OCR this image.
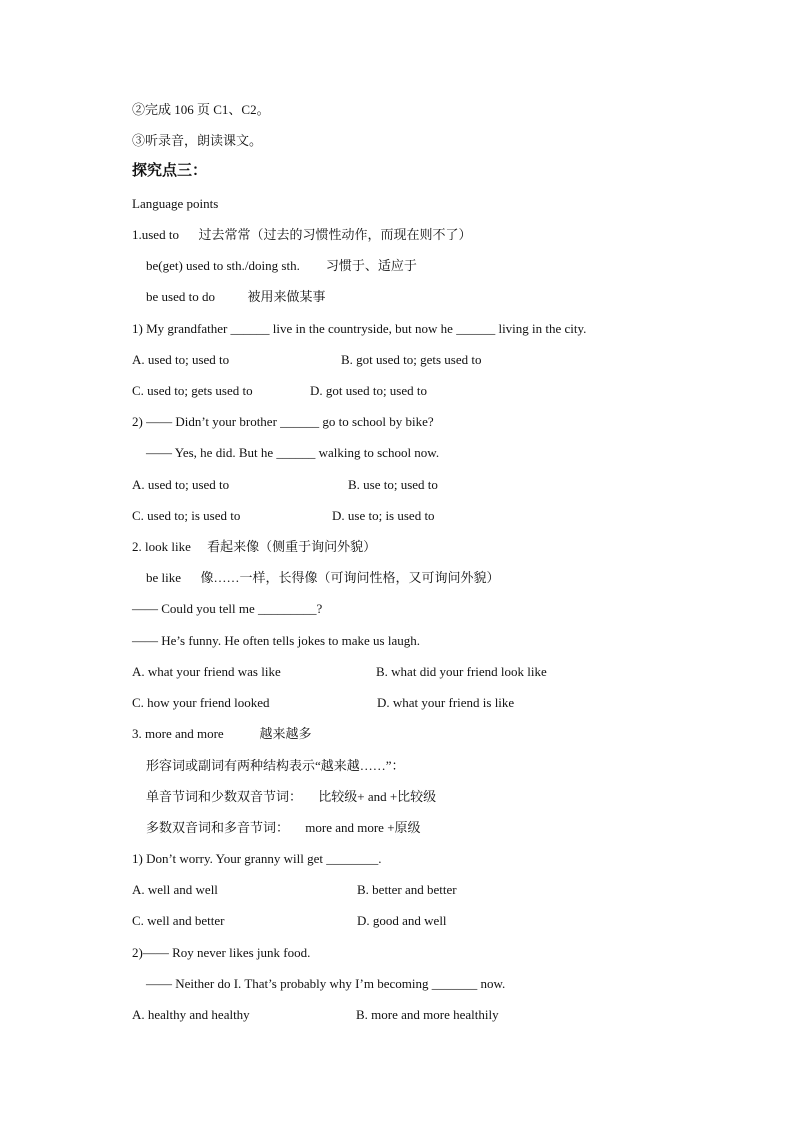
②完成 106 页 C1、C2。
③听录音，朗读课文。
探究点三：
Language points
1.used to      过去常常（过去的习惯性动作，而现在则不了）
be(get) used to sth./doing sth.        习惯于、适应于
be used to do          被用来做某事
1) My grandfather ______ live in the countryside, but now he ______ living in the city.
A. used to; used to	B. got used to; gets used to
C. used to; gets used to	D. got used to; used to
2) —— Didn’t your brother ______ go to school by bike?
—— Yes, he did. But he ______ walking to school now.
A. used to; used to	B. use to; used to
C. used to; is used to	D. use to; is used to
2. look like     看起来像（侧重于询问外貌）
be like      像……一样，长得像（可询问性格，又可询问外貌）
—— Could you tell me _________?
—— He’s funny. He often tells jokes to make us laugh.
A. what your friend was like	B. what did your friend look like
C. how your friend looked	D. what your friend is like
3. more and more           越来越多
形容词或副词有两种结构表示“越来越……”：
单音节词和少数双音节词：     比较级+ and +比较级
多数双音词和多音节词：     more and more +原级
1) Don’t worry. Your granny will get ________.
A. well and well	B. better and better
C. well and better	D. good and well
2)—— Roy never likes junk food.
—— Neither do I. That’s probably why I’m becoming _______ now.
A. healthy and healthy	B. more and more healthily
